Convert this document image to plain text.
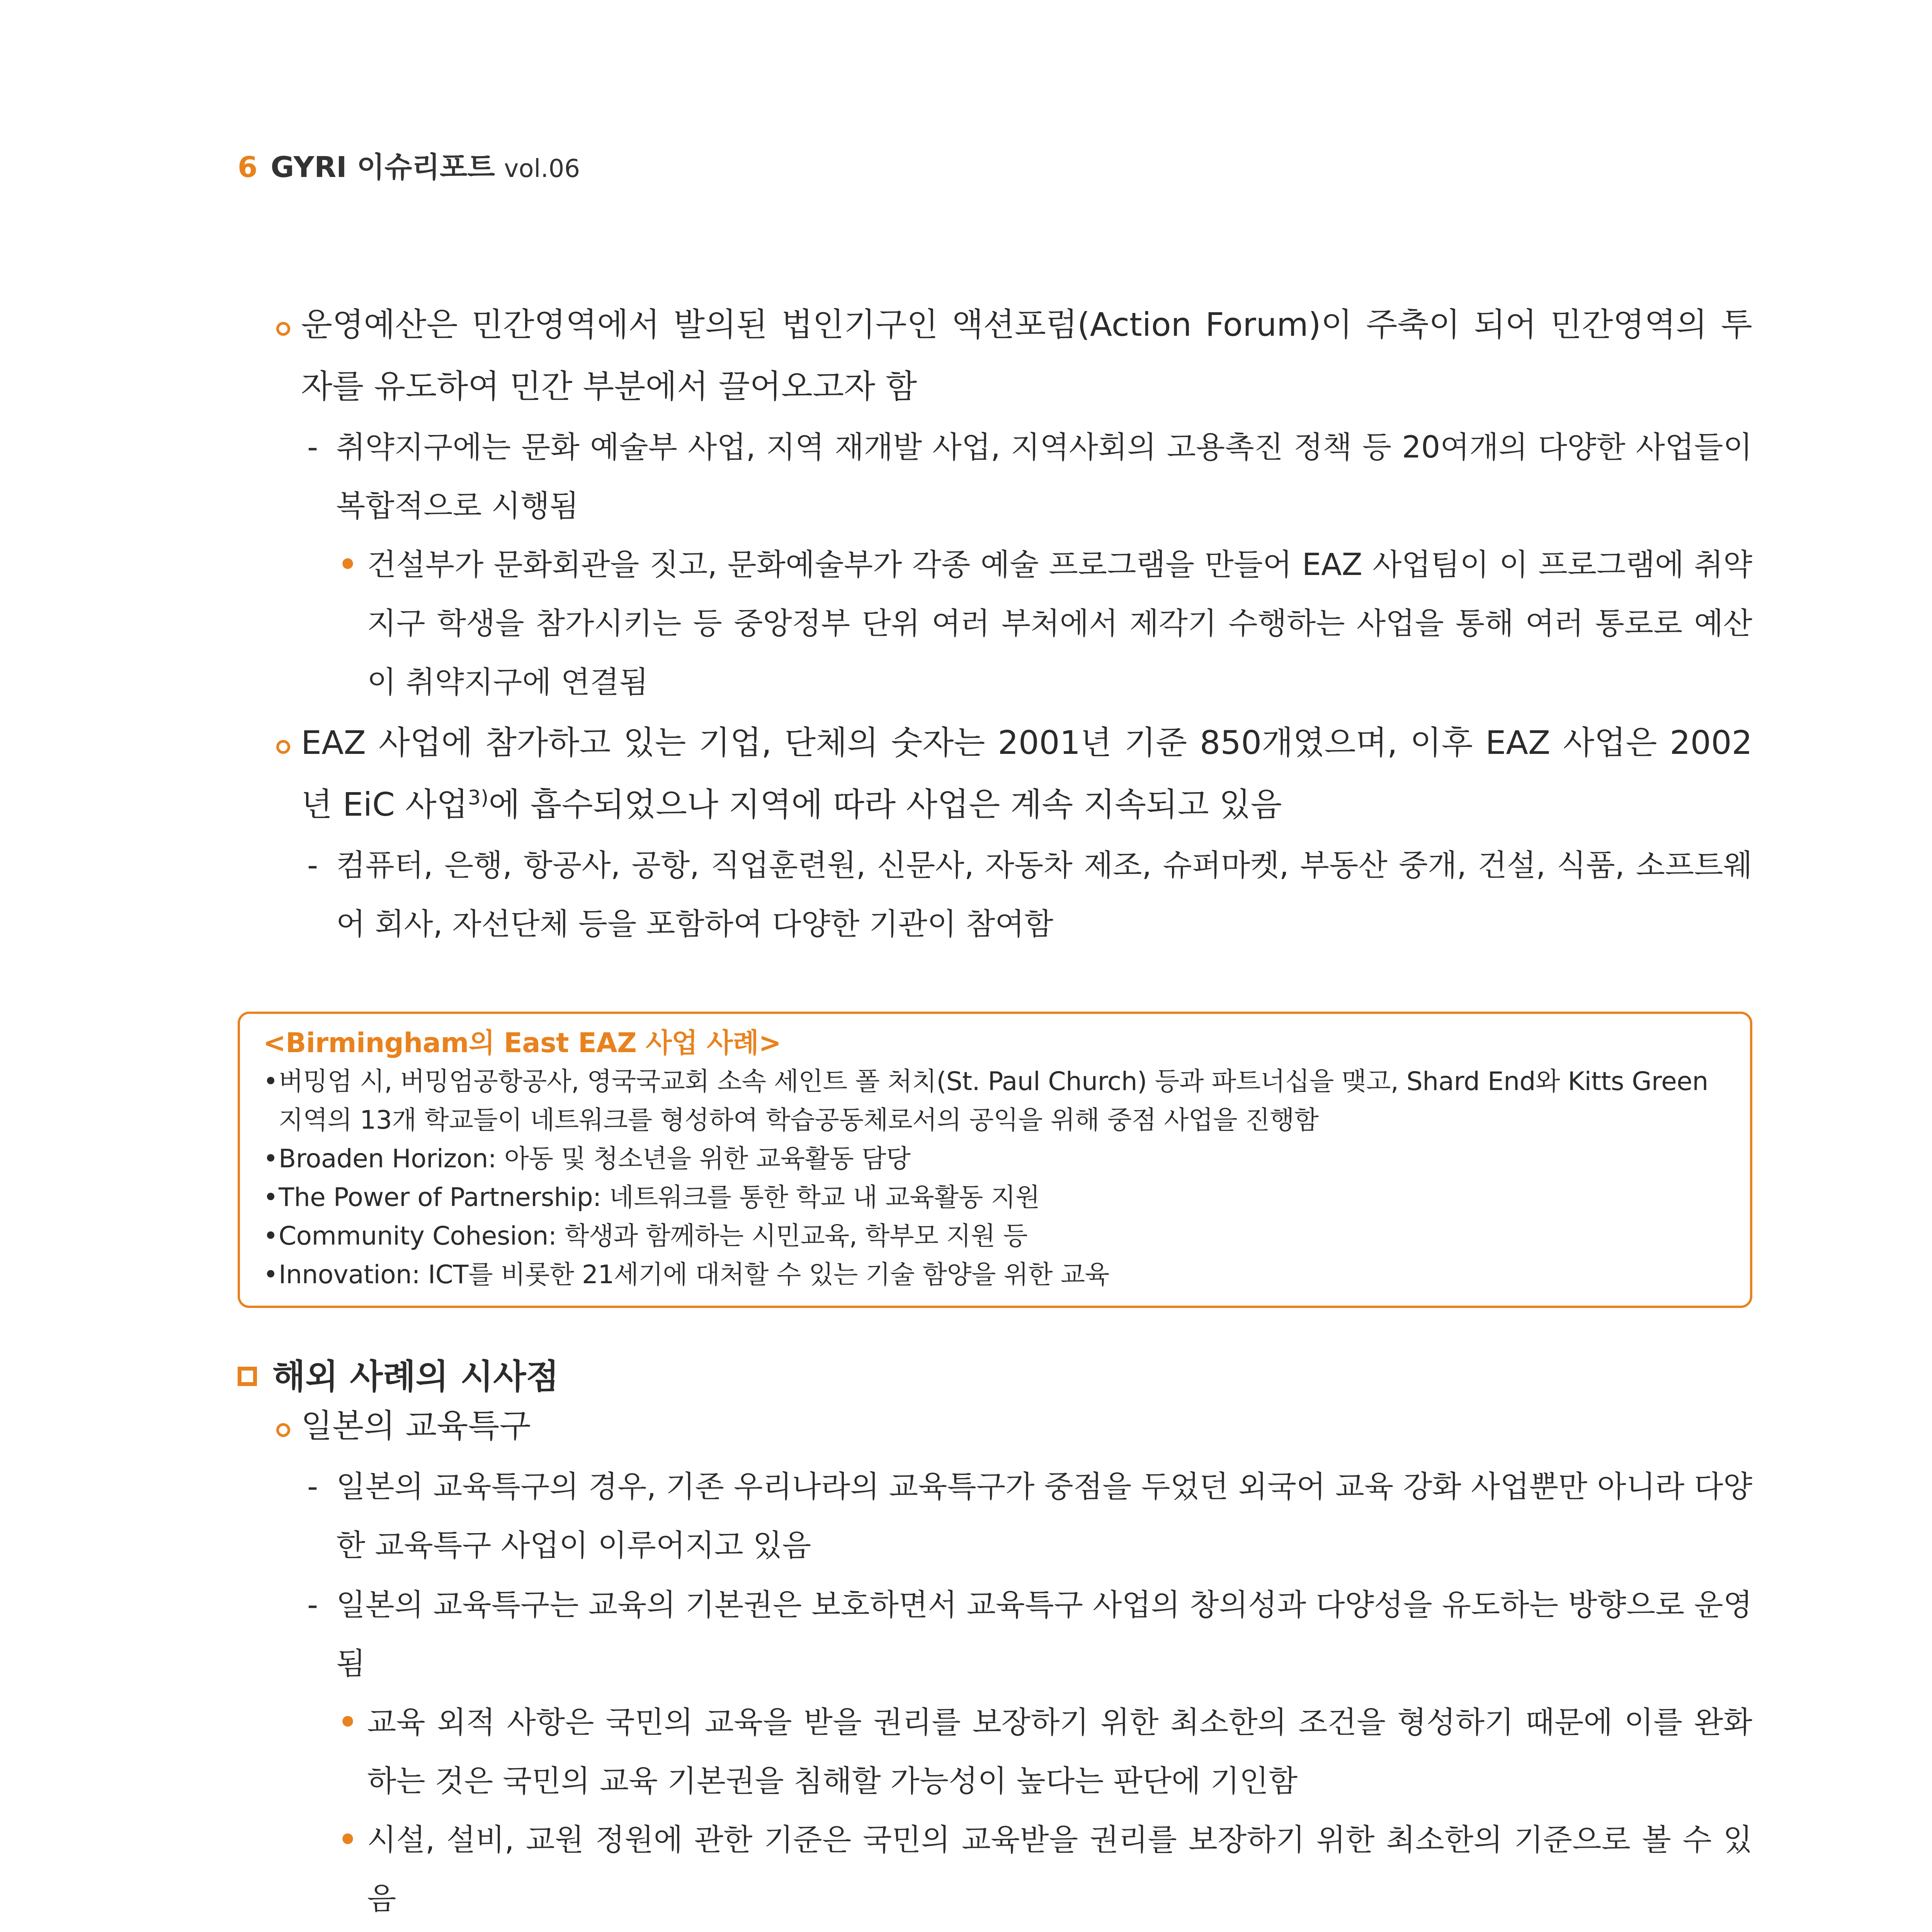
6 GYRI 이슈리포트 vol.06
운영예산은 민간영역에서 발의된 법인기구인 액션포럼(Action Forum)이 주축이 되어 민간영역의 투자를 유도하여 민간 부분에서 끌어오고자 함
- 취약지구에는 문화 예술부 사업, 지역 재개발 사업, 지역사회의 고용촉진 정책 등 20여개의 다양한 사업들이 복합적으로 시행됨
• 건설부가 문화회관을 짓고, 문화예술부가 각종 예술 프로그램을 만들어 EAZ 사업팀이 이 프로그램에 취약지구 학생을 참가시키는 등 중앙정부 단위 여러 부처에서 제각기 수행하는 사업을 통해 여러 통로로 예산이 취약지구에 연결됨
EAZ 사업에 참가하고 있는 기업, 단체의 숫자는 2001년 기준 850개였으며, 이후 EAZ 사업은 2002년 EiC 사업$^{3)}$에 흡수되었으나 지역에 따라 사업은 계속 지속되고 있음
- 컴퓨터, 은행, 항공사, 공항, 직업훈련원, 신문사, 자동차 제조, 슈퍼마켓, 부동산 중개, 건설, 식품, 소프트웨어 회사, 자선단체 등을 포함하여 다양한 기관이 참여함
<Birmingham의 East EAZ 사업 사례>
• 버밍엄 시, 버밍엄공항공사, 영국국교회 소속 세인트 폴 처치(St. Paul Church) 등과 파트너십을 맺고, Shard End와 Kitts Green 지역의 13개 학교들이 네트워크를 형성하여 학습공동체로서의 공익을 위해 중점 사업을 진행함
• Broaden Horizon: 아동 및 청소년을 위한 교육활동 담당
• The Power of Partnership: 네트워크를 통한 학교 내 교육활동 지원
• Community Cohesion: 학생과 함께하는 시민교육, 학부모 지원 등
• Innovation: ICT를 비롯한 21세기에 대처할 수 있는 기술 함양을 위한 교육
해외 사례의 시사점
일본의 교육특구
- 일본의 교육특구의 경우, 기존 우리나라의 교육특구가 중점을 두었던 외국어 교육 강화 사업뿐만 아니라 다양한 교육특구 사업이 이루어지고 있음
- 일본의 교육특구는 교육의 기본권은 보호하면서 교육특구 사업의 창의성과 다양성을 유도하는 방향으로 운영됨
• 교육 외적 사항은 국민의 교육을 받을 권리를 보장하기 위한 최소한의 조건을 형성하기 때문에 이를 완화하는 것은 국민의 교육 기본권을 침해할 가능성이 높다는 판단에 기인함
• 시설, 설비, 교원 정원에 관한 기준은 국민의 교육받을 권리를 보장하기 위한 최소한의 기준으로 볼 수 있음
